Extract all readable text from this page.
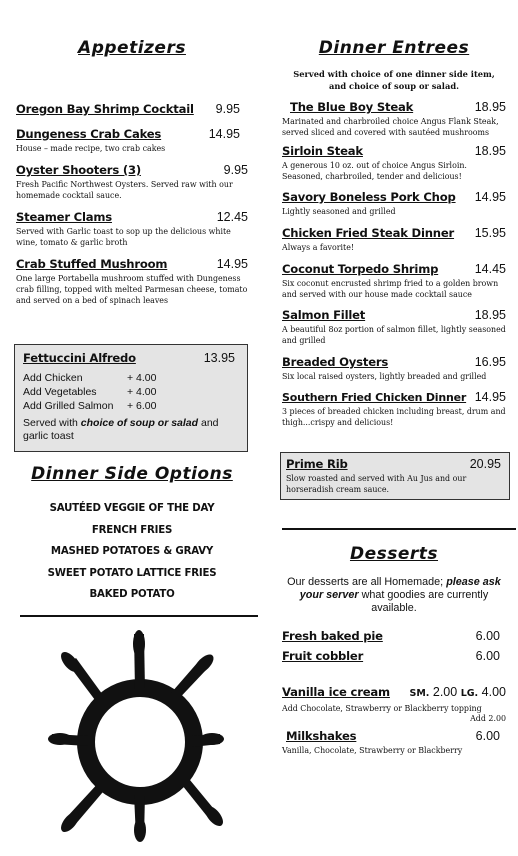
Appetizers
Oregon Bay Shrimp Cocktail 9.95
Dungeness Crab Cakes	14.95
House – made recipe, two crab cakes
Oyster Shooters (3)	9.95
Fresh Pacific Northwest Oysters. Served raw with our homemade cocktail sauce.
Steamer Clams	12.45
Served with Garlic toast to sop up the delicious white wine, tomato & garlic broth
Crab Stuffed Mushroom	14.95
One large Portabella mushroom stuffed with Dungeness crab filling, topped with melted Parmesan cheese, tomato and served on a bed of spinach leaves
Fettuccini Alfredo	13.95
Add Chicken	+ 4.00
Add Vegetables	+ 4.00
Add Grilled Salmon	+ 6.00
Served with choice of soup or salad and garlic toast
Dinner Side Options
SAUTÉED VEGGIE OF THE DAY
FRENCH FRIES
MASHED POTATOES & GRAVY
SWEET POTATO LATTICE FRIES
BAKED POTATO
Dinner Entrees
Served with choice of one dinner side item, and choice of soup or salad.
The Blue Boy Steak	18.95
Marinated and charbroiled choice Angus Flank Steak, served sliced and covered with sautéed mushrooms
Sirloin Steak	18.95
A generous 10 oz. out of choice Angus Sirloin. Seasoned, charbroiled, tender and delicious!
Savory Boneless Pork Chop 14.95
Lightly seasoned and grilled
Chicken Fried Steak Dinner 15.95
Always a favorite!
Coconut Torpedo Shrimp	14.45
Six coconut encrusted shrimp fried to a golden brown and served with our house made cocktail sauce
Salmon Fillet	18.95
A beautiful 8oz portion of salmon fillet, lightly seasoned and grilled
Breaded Oysters	16.95
Six local raised oysters, lightly breaded and grilled
Southern Fried Chicken Dinner 14.95
3 pieces of breaded chicken including breast, drum and thigh...crispy and delicious!
Prime Rib	20.95
Slow roasted and served with Au Jus and our horseradish cream sauce.
Desserts
Our desserts are all Homemade; please ask your server what goodies are currently available.
Fresh baked pie	6.00
Fruit cobbler	6.00
Vanilla ice cream SM. 2.00 LG. 4.00
Add Chocolate, Strawberry or Blackberry topping
Add 2.00
Milkshakes	6.00
Vanilla, Chocolate, Strawberry or Blackberry
